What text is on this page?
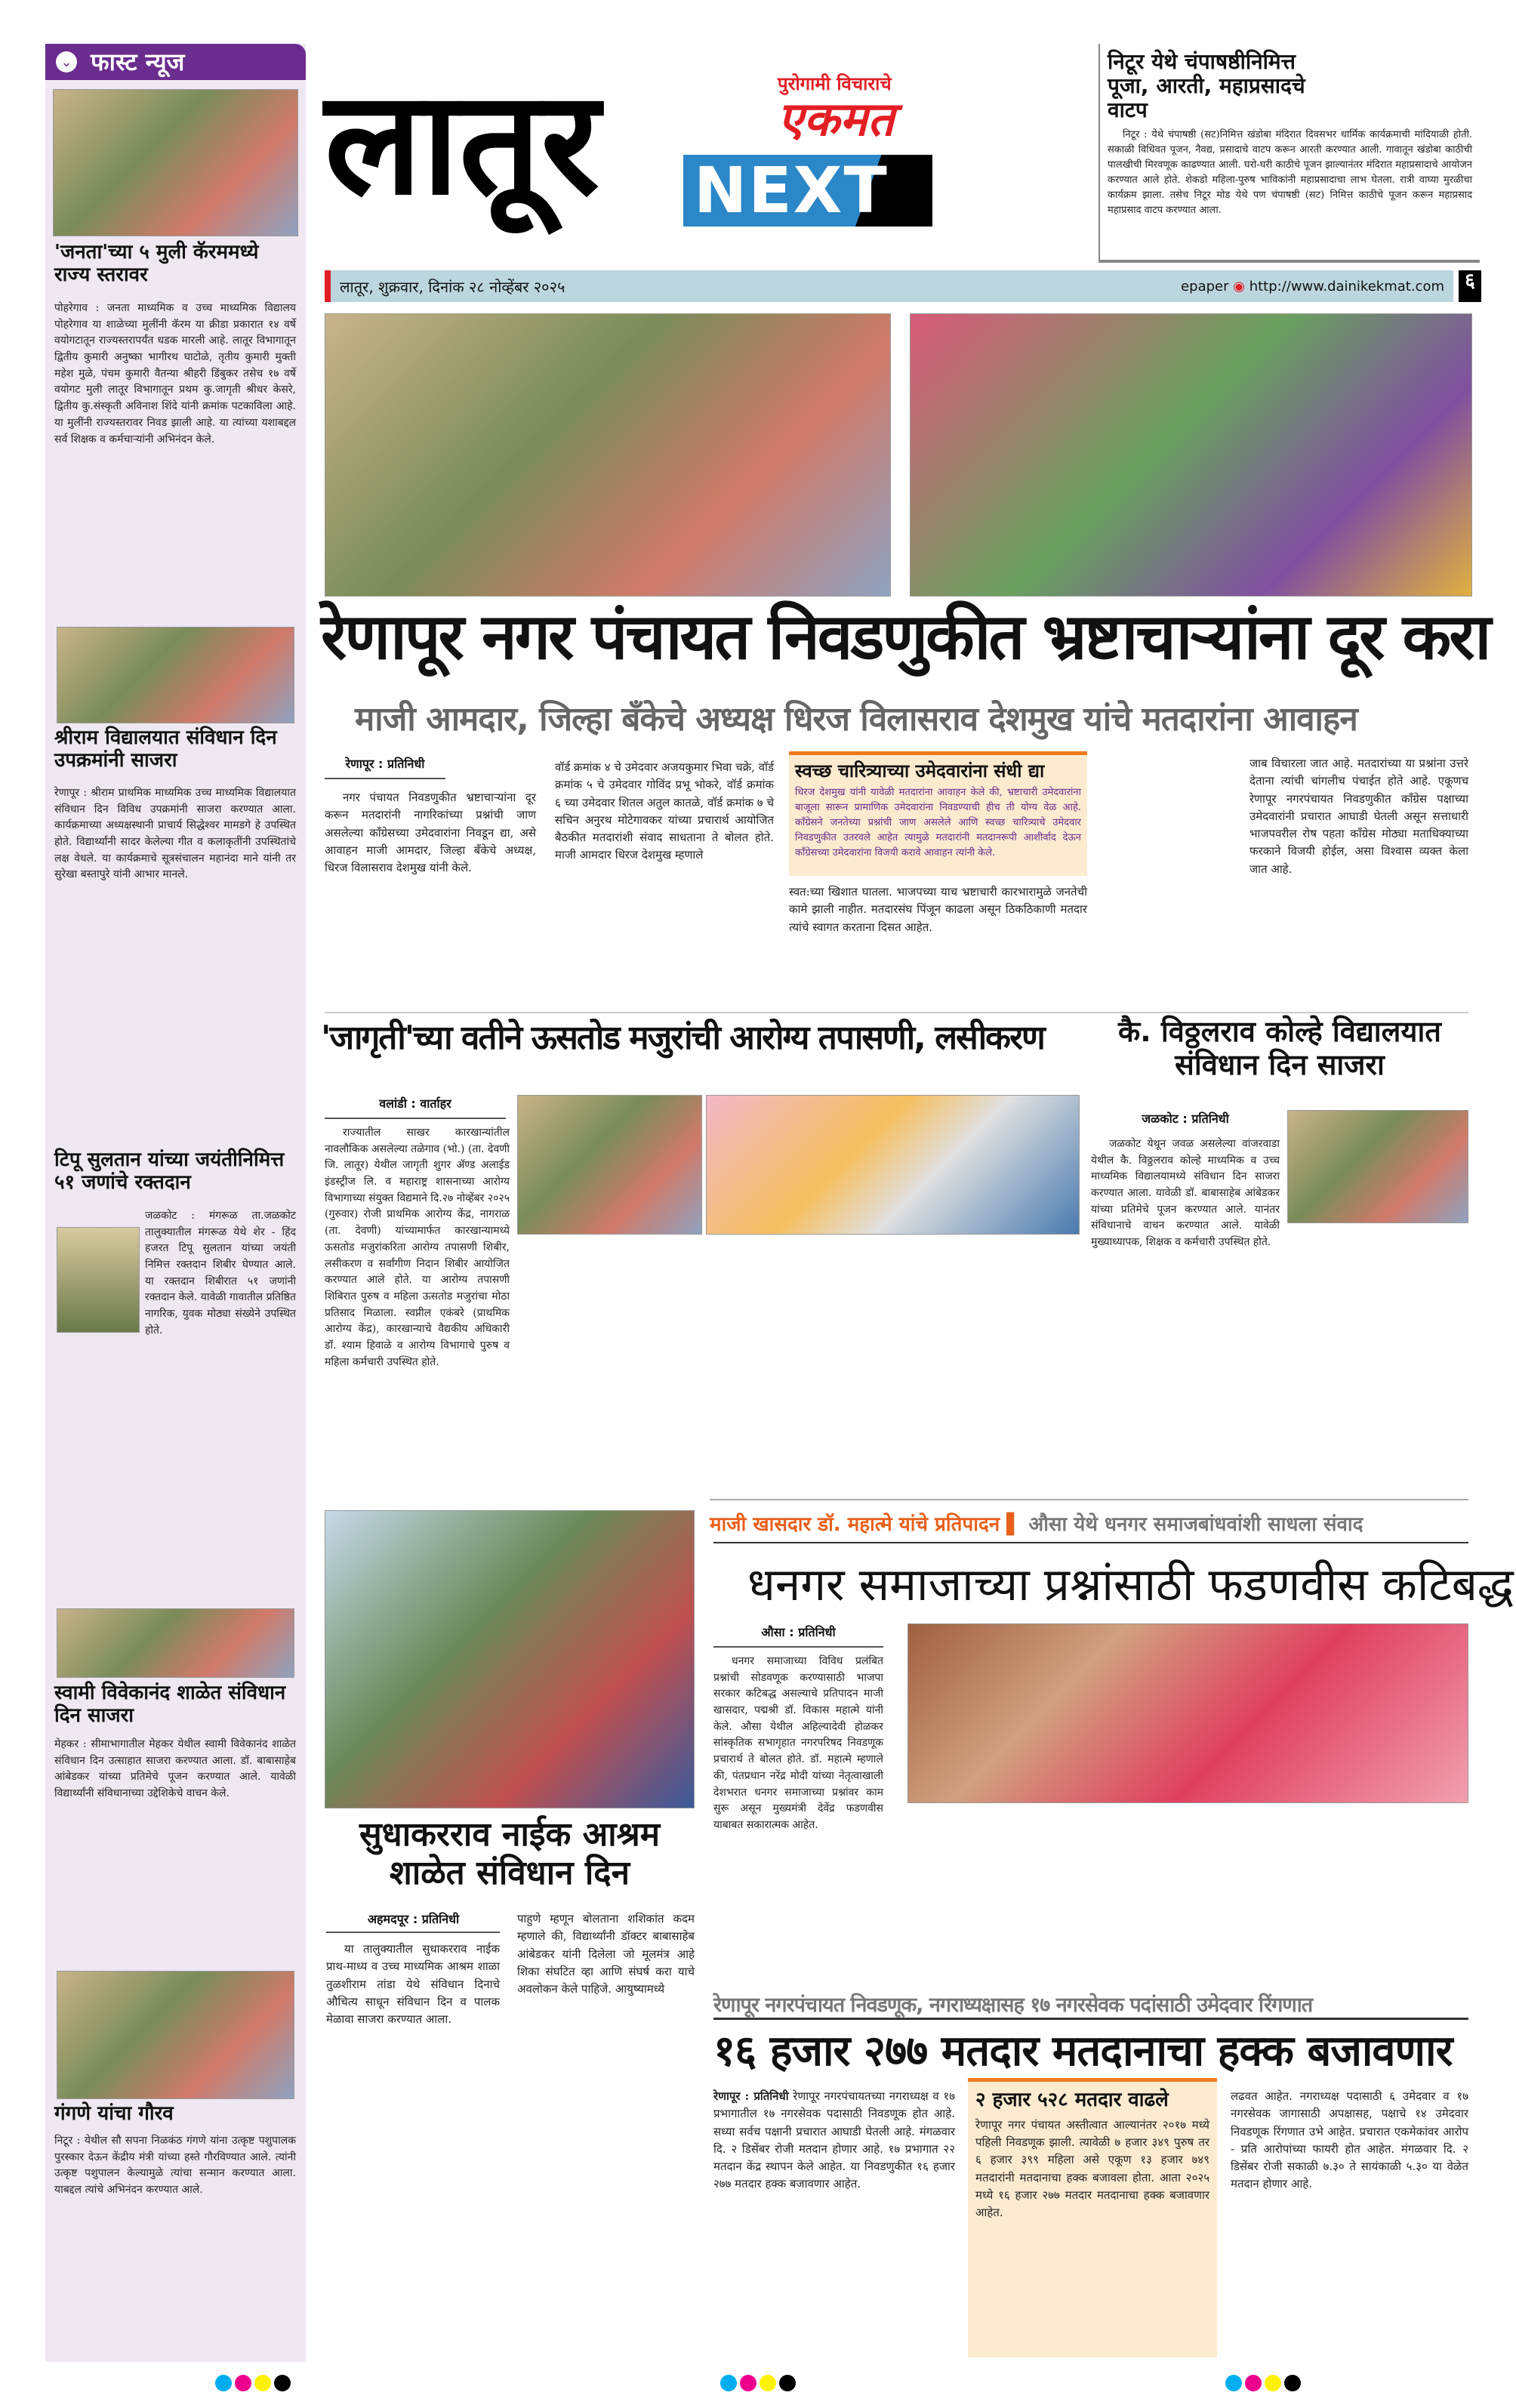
⌄ फास्ट न्यूज
'जनता'च्या ५ मुली कॅरममध्ये राज्य स्तरावर
पोहरेगाव : जनता माध्यमिक व उच्च माध्यमिक विद्यालय पोहरेगाव या शाळेच्या मुलींनी कॅरम या क्रीडा प्रकारात १४ वर्षे वयोगटातून राज्यस्तरापर्यंत धडक मारली आहे. लातूर विभागातून द्वितीय कुमारी अनुष्का भागीरथ घाटोळे, तृतीय कुमारी मुक्ती महेश मुळे, पंचम कुमारी वैतन्या श्रीहरी डिंबुकर तसेच १७ वर्षे वयोगट मुली लातूर विभागातून प्रथम कु.जागृती श्रीधर केसरे, द्वितीय कु.संस्कृती अविनाश शिंदे यांनी क्रमांक पटकाविला आहे. या मुलींनी राज्यस्तरावर निवड झाली आहे. या त्यांच्या यशाबद्दल सर्व शिक्षक व कर्मचाऱ्यांनी अभिनंदन केले.
श्रीराम विद्यालयात संविधान दिन उपक्रमांनी साजरा
रेणापूर : श्रीराम प्राथमिक माध्यमिक उच्च माध्यमिक विद्यालयात संविधान दिन विविध उपक्रमांनी साजरा करण्यात आला. कार्यक्रमाच्या अध्यक्षस्थानी प्राचार्य सिद्धेश्वर मामडगे हे उपस्थित होते. विद्यार्थ्यांनी सादर केलेल्या गीत व कलाकृतींनी उपस्थितांचे लक्ष वेधले. या कार्यक्रमाचे सूत्रसंचालन महानंदा माने यांनी तर सुरेखा बस्तापुरे यांनी आभार मानले.
टिपू सुलतान यांच्या जयंतीनिमित्त ५१ जणांचे रक्तदान
जळकोट : मंगरूळ ता.जळकोट तालुक्यातील मंगरूळ येथे शेर - हिंद हजरत टिपू सुलतान यांच्या जयंती निमित्त रक्तदान शिबीर घेण्यात आले. या रक्तदान शिबीरात ५१ जणांनी रक्तदान केले. यावेळी गावातील प्रतिष्ठित नागरिक, युवक मोठ्या संख्येने उपस्थित होते.
स्वामी विवेकानंद शाळेत संविधान दिन साजरा
मेहकर : सीमाभागातील मेहकर येथील स्वामी विवेकानंद शाळेत संविधान दिन उत्साहात साजरा करण्यात आला. डॉ. बाबासाहेब आंबेडकर यांच्या प्रतिमेचे पूजन करण्यात आले. यावेळी विद्यार्थ्यांनी संविधानाच्या उद्देशिकेचे वाचन केले.
गंगणे यांचा गौरव
निटूर : येथील सौ सपना निळकंठ गंगणे यांना उत्कृष्ट पशुपालक पुरस्कार देऊन केंद्रीय मंत्री यांच्या हस्ते गौरविण्यात आले. त्यांनी उत्कृष्ट पशुपालन केल्यामुळे त्यांचा सन्मान करण्यात आला. याबद्दल त्यांचे अभिनंदन करण्यात आले.
लातूर	पुरोगामी विचाराचे
एकमत
NEXT
निटूर येथे चंपाषष्ठीनिमित्त पूजा, आरती, महाप्रसादचे वाटप
निटूर : येथे चंपाषष्ठी (सट)निमित्त खंडोबा मंदिरात दिवसभर धार्मिक कार्यक्रमाची मांदियाळी होती. सकाळी विधिवत पूजन, नैवद्य, प्रसादाचे वाटप करून आरती करण्यात आली. गावातून खंडोबा काठीची पालखीची मिरवणूक काढण्यात आली. घरो-घरी काठीचे पूजन झाल्यानंतर मंदिरात महाप्रसादाचे आयोजन करण्यात आले होते. शेकडो महिला-पुरुष भाविकांनी महाप्रसादाचा लाभ घेतला. रात्री वाघ्या मुरळीचा कार्यक्रम झाला. तसेच निटूर मोड येथे पण चंपाषष्ठी (सट) निमित्त काठीचे पूजन करून महाप्रसाद महाप्रसाद वाटप करण्यात आला.
लातूर, शुक्रवार, दिनांक २८ नोव्हेंबर २०२५	epaper ◉ http://www.dainikekmat.com	६
रेणापूर नगर पंचायत निवडणुकीत भ्रष्टाचाऱ्यांना दूर करा
माजी आमदार, जिल्हा बँकेचे अध्यक्ष धिरज विलासराव देशमुख यांचे मतदारांना आवाहन
रेणापूर : प्रतिनिधी
नगर पंचायत निवडणुकीत भ्रष्टाचाऱ्यांना दूर करून मतदारांनी नागरिकांच्या प्रश्नांची जाण असलेल्या काँग्रेसच्या उमेदवारांना निवडून द्या, असे आवाहन माजी आमदार, जिल्हा बँकेचे अध्यक्ष, धिरज विलासराव देशमुख यांनी केले.
वॉर्ड क्रमांक ४ चे उमेदवार अजयकुमार भिवा चक्रे, वॉर्ड क्रमांक ५ चे उमेदवार गोविंद प्रभू भोकरे, वॉर्ड क्रमांक ६ च्या उमेदवार शितल अतुल कातळे, वॉर्ड क्रमांक ७ चे सचिन अनुरथ मोटेगावकर यांच्या प्रचारार्थ आयोजित बैठकीत मतदारांशी संवाद साधताना ते बोलत होते. माजी आमदार धिरज देशमुख म्हणाले
स्वच्छ चारित्र्याच्या उमेदवारांना संधी द्या
धिरज देशमुख यांनी यावेळी मतदारांना आवाहन केले की, भ्रष्टाचारी उमेदवारांना बाजूला सारून प्रामाणिक उमेदवारांना निवडण्याची हीच ती योग्य वेळ आहे. काँग्रेसने जनतेच्या प्रश्नांची जाण असलेले आणि स्वच्छ चारित्र्याचे उमेदवार निवडणुकीत उतरवले आहेत त्यामुळे मतदारांनी मतदानरूपी आशीर्वाद देऊन काँग्रेसच्या उमेदवारांना विजयी करावे आवाहन त्यांनी केले.
स्वत:च्या खिशात घातला. भाजपच्या याच भ्रष्टाचारी कारभारामुळे जनतेची कामे झाली नाहीत. मतदारसंघ पिंजून काढला असून ठिकठिकाणी मतदार त्यांचे स्वागत करताना दिसत आहेत.
जाब विचारला जात आहे. मतदारांच्या या प्रश्नांना उत्तरे देताना त्यांची चांगलीच पंचाईत होते आहे. एकूणच रेणापूर नगरपंचायत निवडणुकीत काँग्रेस पक्षाच्या उमेदवारांनी प्रचारात आघाडी घेतली असून सत्ताधारी भाजपवरील रोष पहता काँग्रेस मोठ्या मताधिक्याच्या फरकाने विजयी होईल, असा विश्वास व्यक्त केला जात आहे.
'जागृती'च्या वतीने ऊसतोड मजुरांची आरोग्य तपासणी, लसीकरण
वलांडी : वार्ताहर
राज्यातील साखर कारखान्यांतील नावलौकिक असलेल्या तळेगाव (भो.) (ता. देवणी जि. लातूर) येथील जागृती शुगर ॲण्ड अलाईड इंडस्ट्रीज लि. व महाराष्ट्र शासनाच्या आरोग्य विभागाच्या संयुक्त विद्यमाने दि.२७ नोव्हेंबर २०२५ (गुरुवार) रोजी प्राथमिक आरोग्य केंद्र, नागराळ (ता. देवणी) यांच्यामार्फत कारखान्यामध्ये ऊसतोड मजुरांकरिता आरोग्य तपासणी शिबीर, लसीकरण व सर्वांगीण निदान शिबीर आयोजित करण्यात आले होते. या आरोग्य तपासणी शिबिरात पुरुष व महिला ऊसतोड मजुरांचा मोठा प्रतिसाद मिळाला. स्वप्नील एकंबरे (प्राथमिक आरोग्य केंद्र), कारखान्याचे वैद्यकीय अधिकारी डॉ. श्याम हिवाळे व आरोग्य विभागाचे पुरुष व महिला कर्मचारी उपस्थित होते.
कै. विठ्ठलराव कोल्हे विद्यालयात संविधान दिन साजरा
जळकोट : प्रतिनिधी
जळकोट येथून जवळ असलेल्या वांजरवाडा येथील कै. विठ्ठलराव कोल्हे माध्यमिक व उच्च माध्यमिक विद्यालयामध्ये संविधान दिन साजरा करण्यात आला. यावेळी डॉ. बाबासाहेब आंबेडकर यांच्या प्रतिमेचे पूजन करण्यात आले. यानंतर संविधानाचे वाचन करण्यात आले. यावेळी मुख्याध्यापक, शिक्षक व कर्मचारी उपस्थित होते.
सुधाकरराव नाईक आश्रम शाळेत संविधान दिन
अहमदपूर : प्रतिनिधी
या तालुक्यातील सुधाकरराव नाईक प्राथ-माध्य व उच्च माध्यमिक आश्रम शाळा तुळशीराम तांडा येथे संविधान दिनाचे औचित्य साधून संविधान दिन व पालक मेळावा साजरा करण्यात आला.
पाहुणे म्हणून बोलताना शशिकांत कदम म्हणाले की, विद्यार्थ्यांनी डॉक्टर बाबासाहेब आंबेडकर यांनी दिलेला जो मूलमंत्र आहे शिका संघटित व्हा आणि संघर्ष करा याचे अवलोकन केले पाहिजे. आयुष्यामध्ये
माजी खासदार डॉ. महात्मे यांचे प्रतिपादन ▌ औसा येथे धनगर समाजबांधवांशी साधला संवाद
धनगर समाजाच्या प्रश्नांसाठी फडणवीस कटिबद्ध
औसा : प्रतिनिधी
धनगर समाजाच्या विविध प्रलंबित प्रश्नांची सोडवणूक करण्यासाठी भाजपा सरकार कटिबद्ध असल्याचे प्रतिपादन माजी खासदार, पद्मश्री डॉ. विकास महात्मे यांनी केले. औसा येथील अहिल्यादेवी होळकर सांस्कृतिक सभागृहात नगरपरिषद निवडणूक प्रचारार्थ ते बोलत होते. डॉ. महात्मे म्हणाले की, पंतप्रधान नरेंद्र मोदी यांच्या नेतृत्वाखाली देशभरात धनगर समाजाच्या प्रश्नांवर काम सुरू असून मुख्यमंत्री देवेंद्र फडणवीस याबाबत सकारात्मक आहेत.
रेणापूर नगरपंचायत निवडणूक, नगराध्यक्षासह १७ नगरसेवक पदांसाठी उमेदवार रिंगणात
१६ हजार २७७ मतदार मतदानाचा हक्क बजावणार
रेणापूर : प्रतिनिधी रेणापूर नगरपंचायतच्या नगराध्यक्ष व १७ प्रभागातील १७ नगरसेवक पदासाठी निवडणूक होत आहे. सध्या सर्वच पक्षानी प्रचारात आघाडी घेतली आहे. मंगळवार दि. २ डिसेंबर रोजी मतदान होणार आहे. १७ प्रभागात २२ मतदान केंद्र स्थापन केले आहेत. या निवडणुकीत १६ हजार २७७ मतदार हक्क बजावणार आहेत.
२ हजार ५२८ मतदार वाढले
रेणापूर नगर पंचायत अस्तीत्वात आल्यानंतर २०१७ मध्ये पहिली निवडणूक झाली. त्यावेळी ७ हजार ३४९ पुरुष तर ६ हजार ३९९ महिला असे एकूण १३ हजार ७४९ मतदारांनी मतदानाचा हक्क बजावला होता. आता २०२५ मध्ये १६ हजार २७७ मतदार मतदानाचा हक्क बजावणार आहेत.
लढवत आहेत. नगराध्यक्ष पदासाठी ६ उमेदवार व १७ नगरसेवक जागासाठी अपक्षासह, पक्षाचे १४ उमेदवार निवडणूक रिंगणात उभे आहेत. प्रचारात एकमेकांवर आरोप - प्रति आरोपांच्या फायरी होत आहेत. मंगळवार दि. २ डिसेंबर रोजी सकाळी ७.३० ते सायंकाळी ५.३० या वेळेत मतदान होणार आहे.
